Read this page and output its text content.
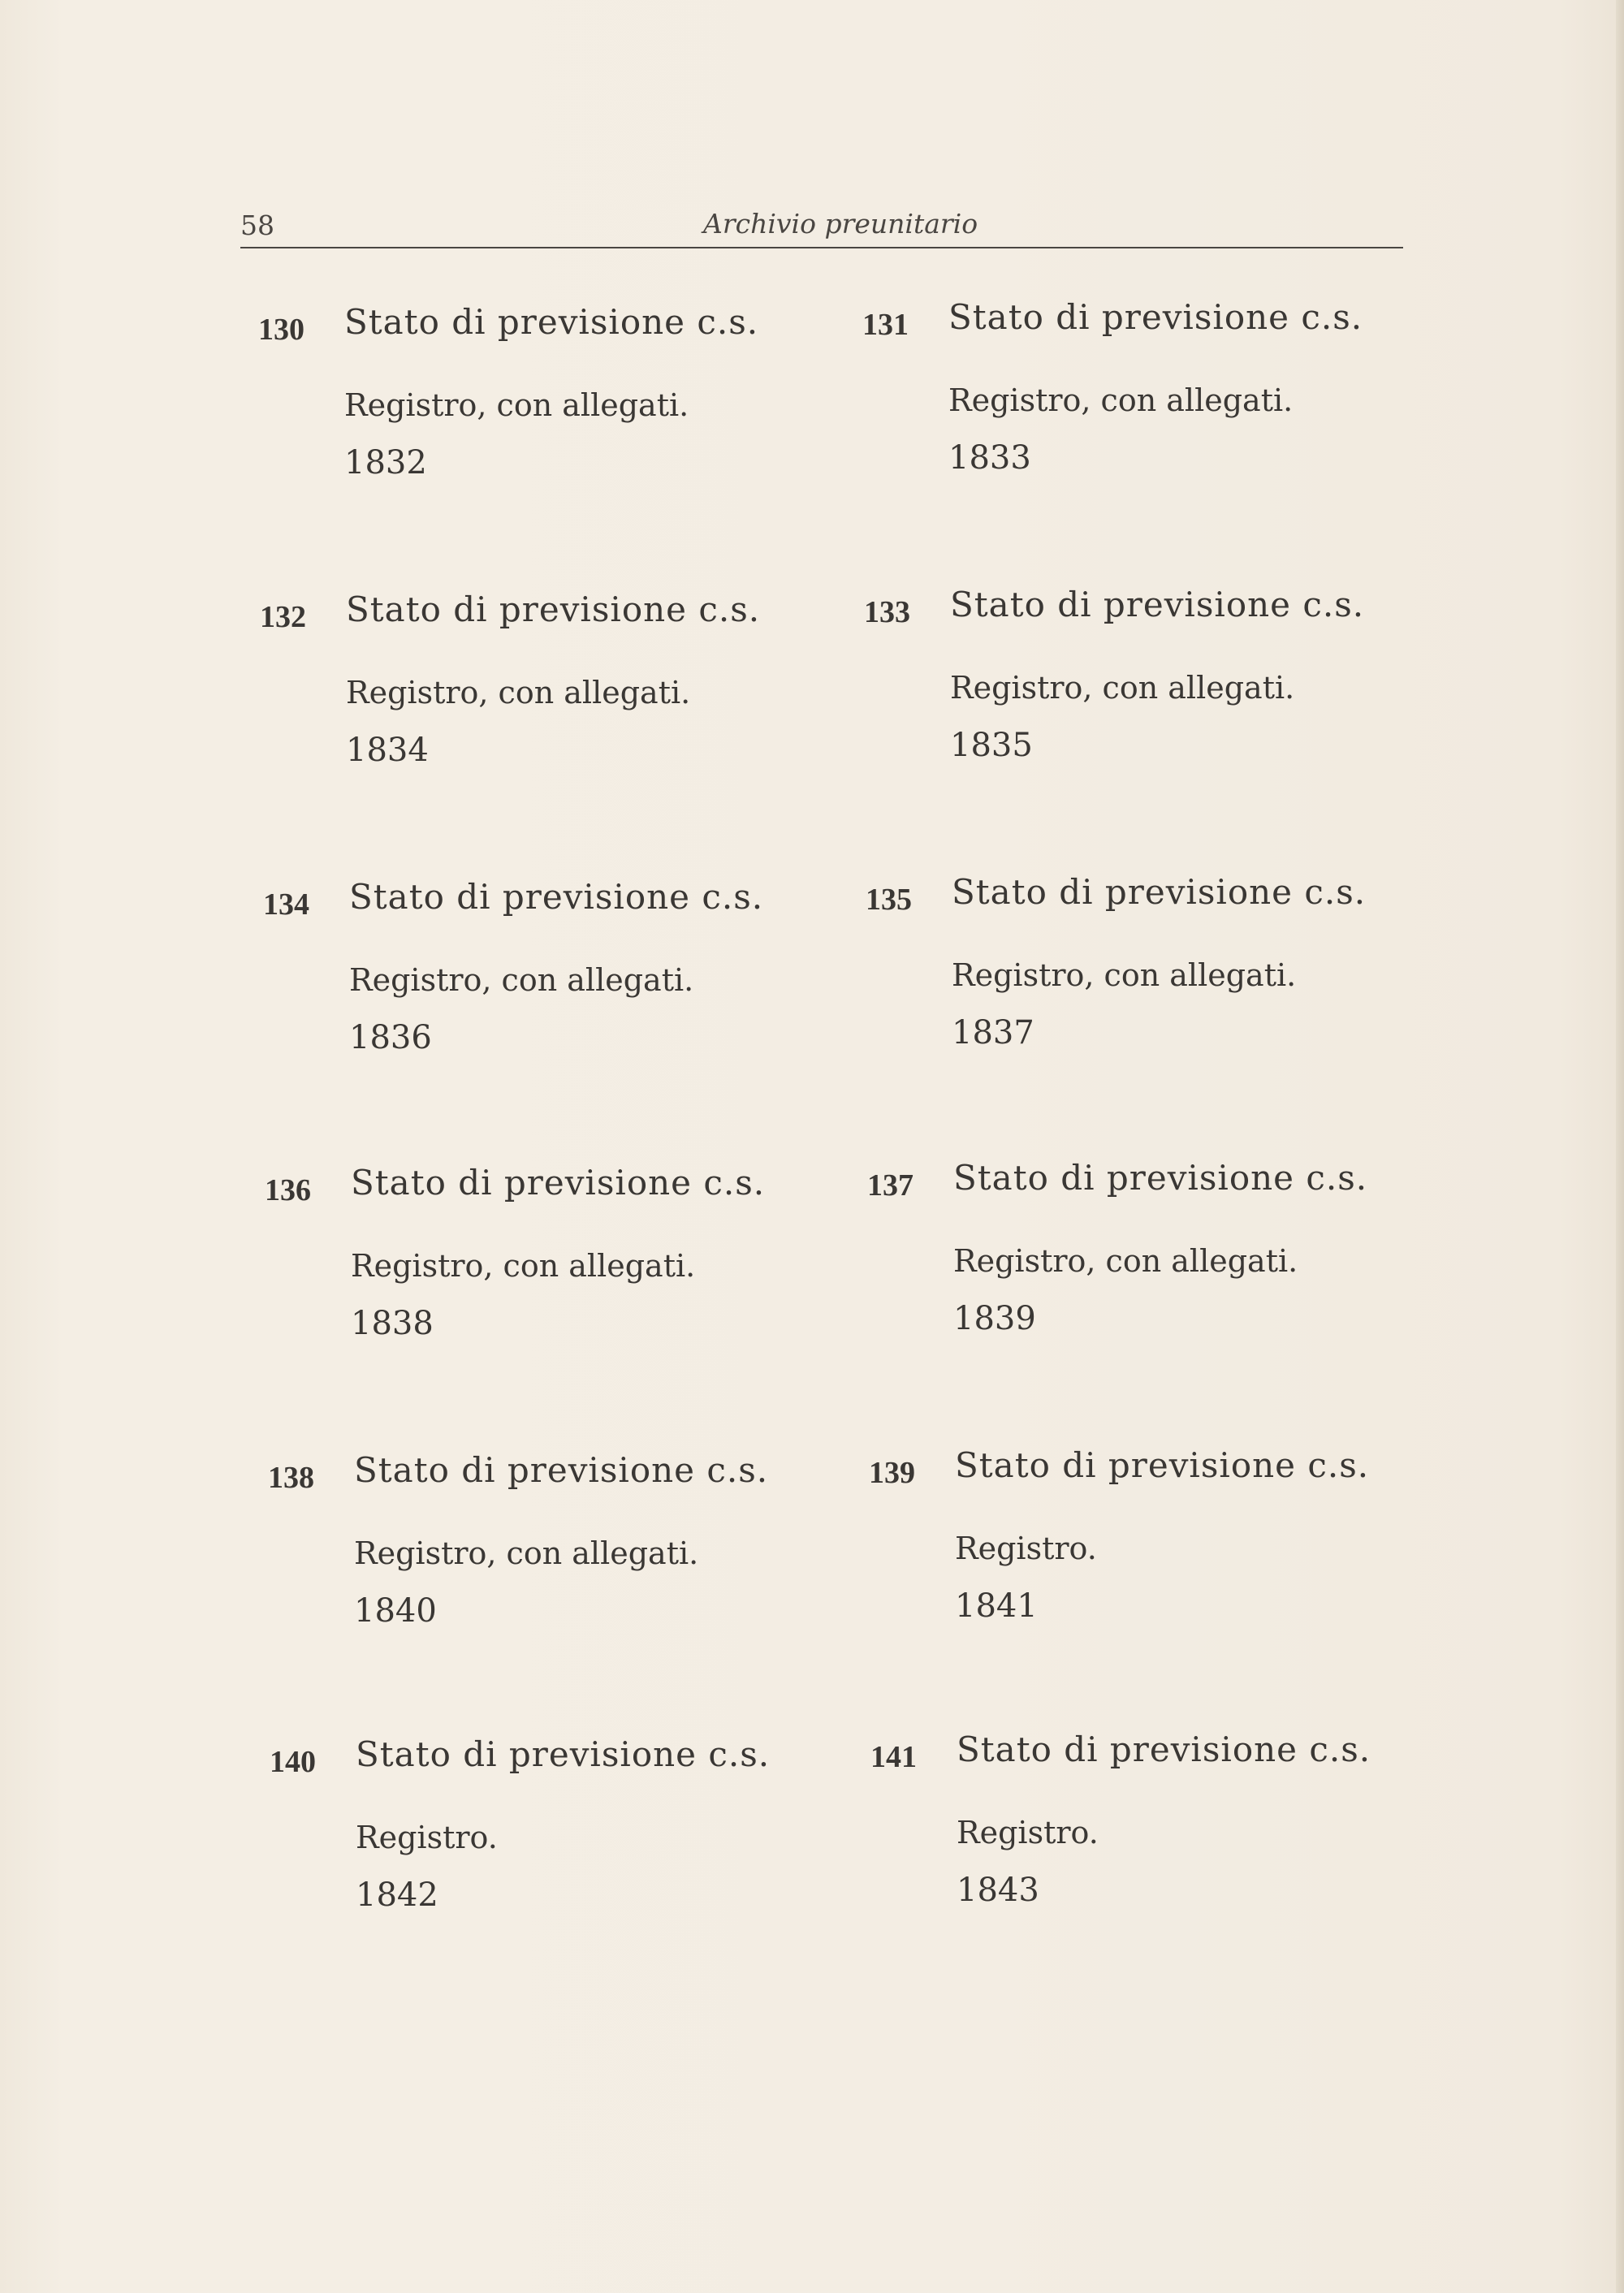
58	Archivio preunitario
130 Stato di previsione c.s.
Registro, con allegati.
1832
131 Stato di previsione c.s.
Registro, con allegati.
1833
132 Stato di previsione c.s.
Registro, con allegati.
1834
133 Stato di previsione c.s.
Registro, con allegati.
1835
134 Stato di previsione c.s.
Registro, con allegati.
1836
135 Stato di previsione c.s.
Registro, con allegati.
1837
136 Stato di previsione c.s.
Registro, con allegati.
1838
137 Stato di previsione c.s.
Registro, con allegati.
1839
138 Stato di previsione c.s.
Registro, con allegati.
1840
139 Stato di previsione c.s.
Registro.
1841
140 Stato di previsione c.s.
Registro.
1842
141 Stato di previsione c.s.
Registro.
1843
